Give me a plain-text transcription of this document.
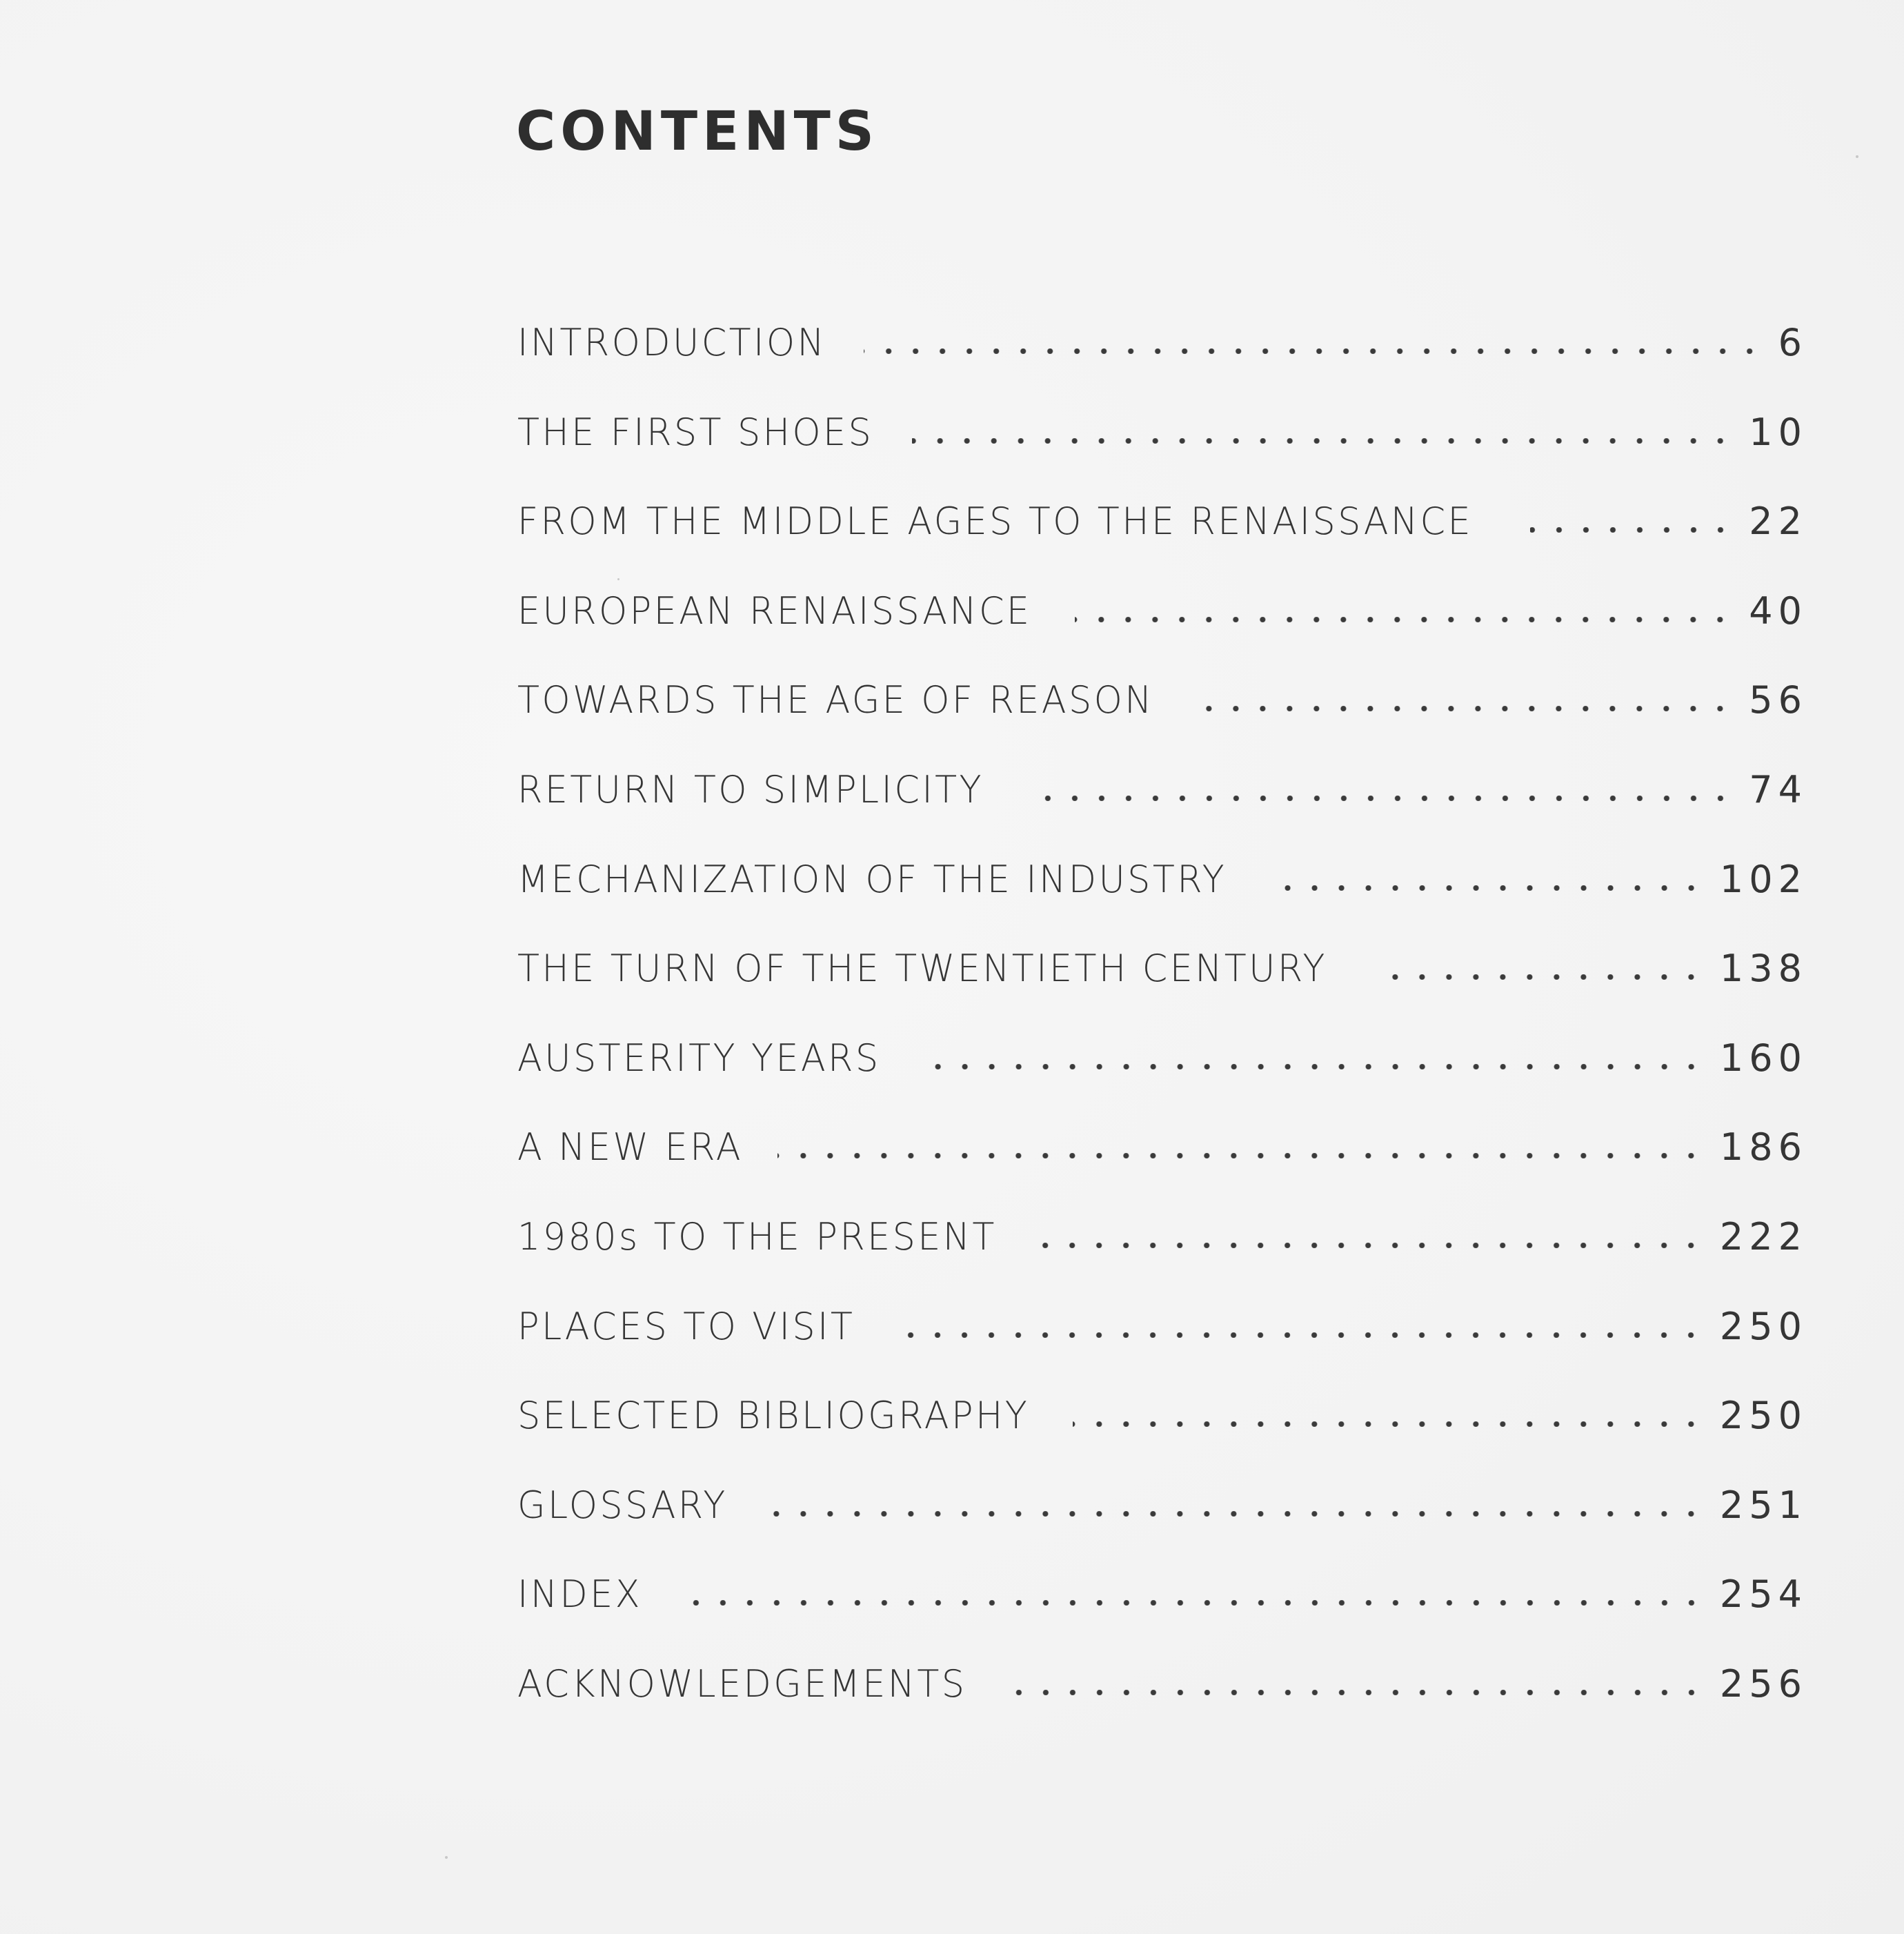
CONTENTS
INTRODUCTION	6
THE FIRST SHOES	10
FROM THE MIDDLE AGES TO THE RENAISSANCE	22
EUROPEAN RENAISSANCE	40
TOWARDS THE AGE OF REASON	56
RETURN TO SIMPLICITY	74
MECHANIZATION OF THE INDUSTRY	102
THE TURN OF THE TWENTIETH CENTURY	138
AUSTERITY YEARS	160
A NEW ERA	186
1980s TO THE PRESENT	222
PLACES TO VISIT	250
SELECTED BIBLIOGRAPHY	250
GLOSSARY	251
INDEX	254
ACKNOWLEDGEMENTS	256
